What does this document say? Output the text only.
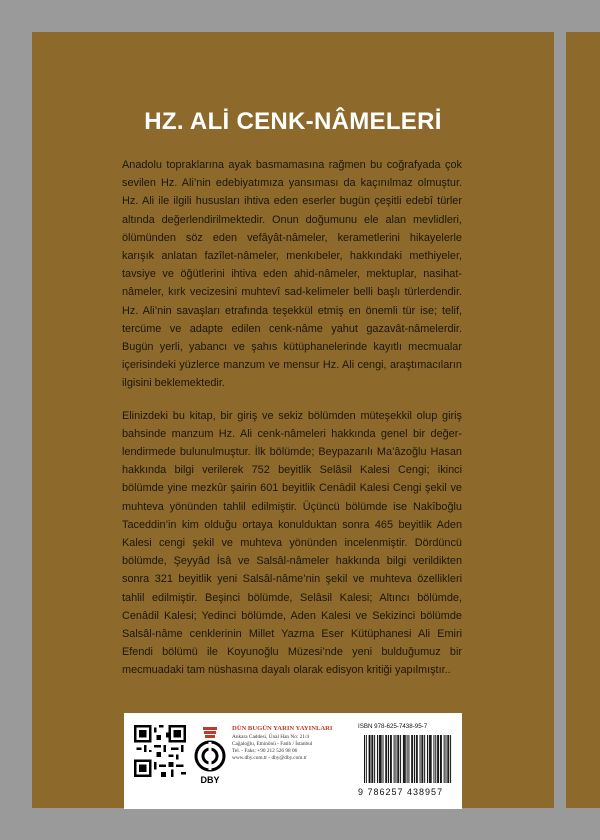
HZ. ALİ CENK-NÂMELERİ

Anadolu topraklarına ayak basmamasına rağmen bu coğrafyada çok sevilen Hz. Ali’nin edebiyatımıza yansıması da kaçınılmaz olmuştur. Hz. Ali ile ilgili hususları ihtiva eden eserler bugün çeşitli edebî türler altında değerlendirilmektedir. Onun doğumunu ele alan mevlidleri, ölümünden söz eden vefâyât-nâmeler, kerametlerini hikayelerle karışık anlatan fazîlet-nâmeler, menkıbeler, hakkındaki methiyeler, tavsiye ve öğütlerini ihtiva eden ahid-nâmeler, mektuplar, nasihat-nâmeler, kırk vecizesini muhtevî sad-kelimeler belli başlı türlerdendir. Hz. Ali’nin savaşları etrafında teşekkül etmiş en önemli tür ise; telif, tercüme ve adapte edilen cenk-nâme yahut gazavât-nâmelerdir. Bugün yerli, yabancı ve şahıs kütüphanelerinde kayıtlı mecmualar içerisindeki yüzlerce manzum ve mensur Hz. Ali cengi, araştımacıların ilgisini beklemektedir.

Elinizdeki bu kitap, bir giriş ve sekiz bölümden müteşekkil olup giriş bahsinde manzum Hz. Ali cenk-nâmeleri hakkında genel bir değer-lendirmede bulunulmuştur. İlk bölümde; Beypazarılı Ma’âzoğlu Hasan hakkında bilgi verilerek 752 beyitlik Selâsil Kalesi Cengi; ikinci bölümde yine mezkûr şairin 601 beyitlik Cenâdil Kalesi Cengi şekil ve muhteva yönünden tahlil edilmiştir. Üçüncü bölümde ise Nakîboğlu Taceddin’in kim olduğu ortaya konulduktan sonra 465 beyitlik Aden Kalesi cengi şekil ve muhteva yönünden incelenmiştir. Dördüncü bölümde, Şeyyâd İsâ ve Salsâl-nâmeler hakkında bilgi verildikten sonra 321 beyitlik yeni Salsâl-nâme’nin şekil ve muhteva özellikleri tahlil edilmiştir. Beşinci bölümde, Selâsil Kalesi; Altıncı bölümde, Cenâdil Kalesi; Yedinci bölümde, Aden Kalesi ve Sekizinci bölümde Salsâl-nâme cenklerinin Millet Yazma Eser Kütüphanesi Ali Emiri Efendi bölümü ile Koyunoğlu Müzesi’nde yeni bulduğumuz bir mecmuadaki tam nüshasına dayalı olarak edisyon kritiği yapılmıştır..

DBY
DÜN BUGÜN YARIN YAYINLARI
Ankara Caddesi, Ünal Han No: 21/4
Cağaloğlu, Eminönü - Fatih / İstanbul
Tel. - Faks: +90 212 526 98 06
www.dby.com.tr - dby@dby.com.tr
ISBN 978-625-7438-95-7
9 786257 438957
